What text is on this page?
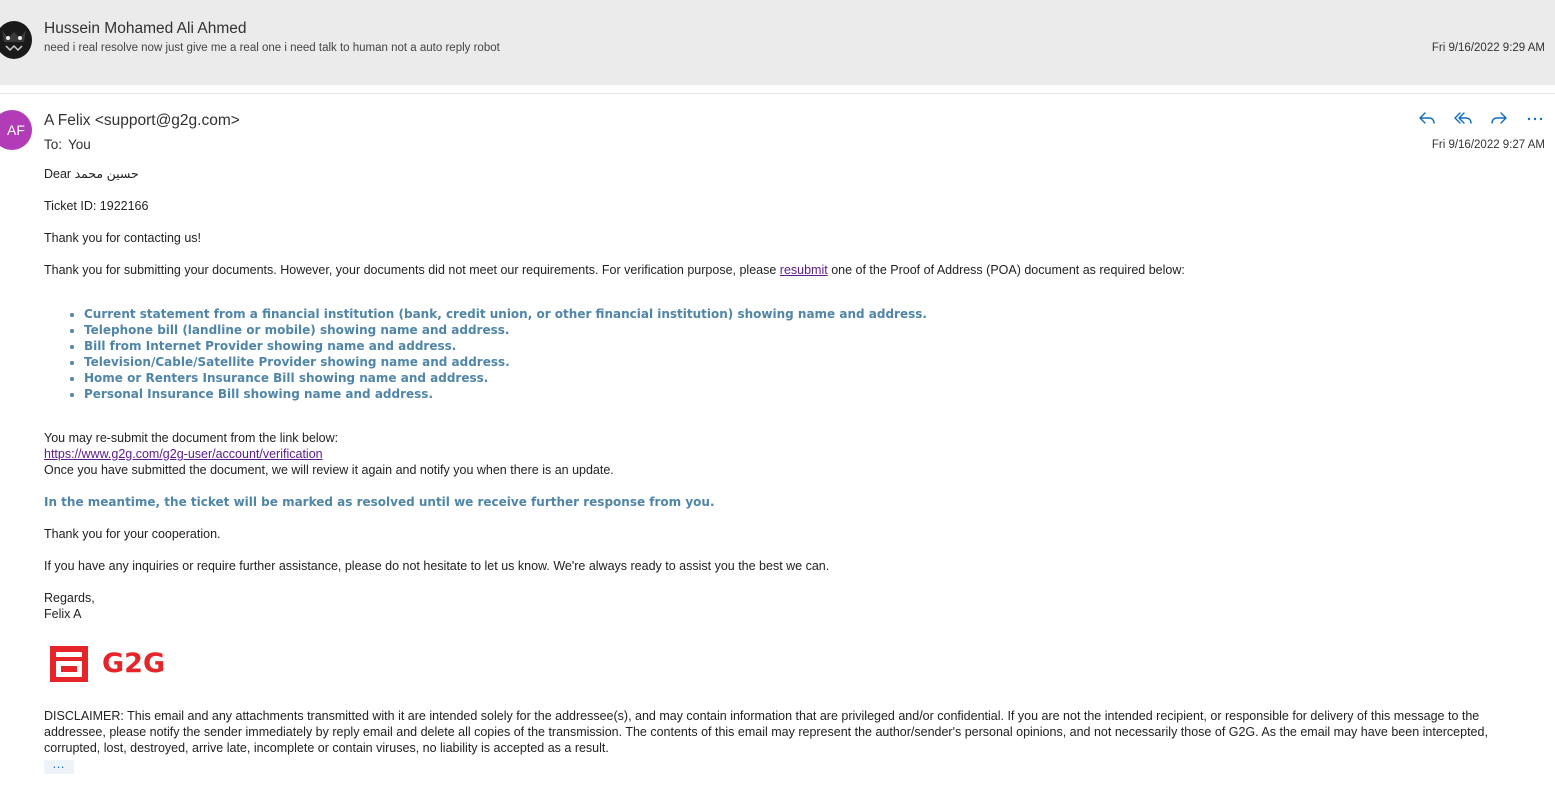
Hussein Mohamed Ali Ahmed
need i real resolve now just give me a real one i need talk to human not a auto reply robot	Fri 9/16/2022 9:29 AM
AF
A Felix <support@g2g.com>
To: You	Fri 9/16/2022 9:27 AM

Dear حسين محمد

Ticket ID: 1922166

Thank you for contacting us!

Thank you for submitting your documents. However, your documents did not meet our requirements. For verification purpose, please resubmit one of the Proof of Address (POA) document as required below:

• Current statement from a financial institution (bank, credit union, or other financial institution) showing name and address.
• Telephone bill (landline or mobile) showing name and address.
• Bill from Internet Provider showing name and address.
• Television/Cable/Satellite Provider showing name and address.
• Home or Renters Insurance Bill showing name and address.
• Personal Insurance Bill showing name and address.

You may re-submit the document from the link below:

https://www.g2g.com/g2g-user/account/verification

Once you have submitted the document, we will review it again and notify you when there is an update.

In the meantime, the ticket will be marked as resolved until we receive further response from you.

Thank you for your cooperation.

If you have any inquiries or require further assistance, please do not hesitate to let us know. We're always ready to assist you the best we can.

Regards,

Felix A

G2G

DISCLAIMER: This email and any attachments transmitted with it are intended solely for the addressee(s), and may contain information that are privileged and/or confidential. If you are not the intended recipient, or responsible for delivery of this message to the addressee, please notify the sender immediately by reply email and delete all copies of the transmission. The contents of this email may represent the author/sender's personal opinions, and not necessarily those of G2G. As the email may have been intercepted, corrupted, lost, destroyed, arrive late, incomplete or contain viruses, no liability is accepted as a result.

…
